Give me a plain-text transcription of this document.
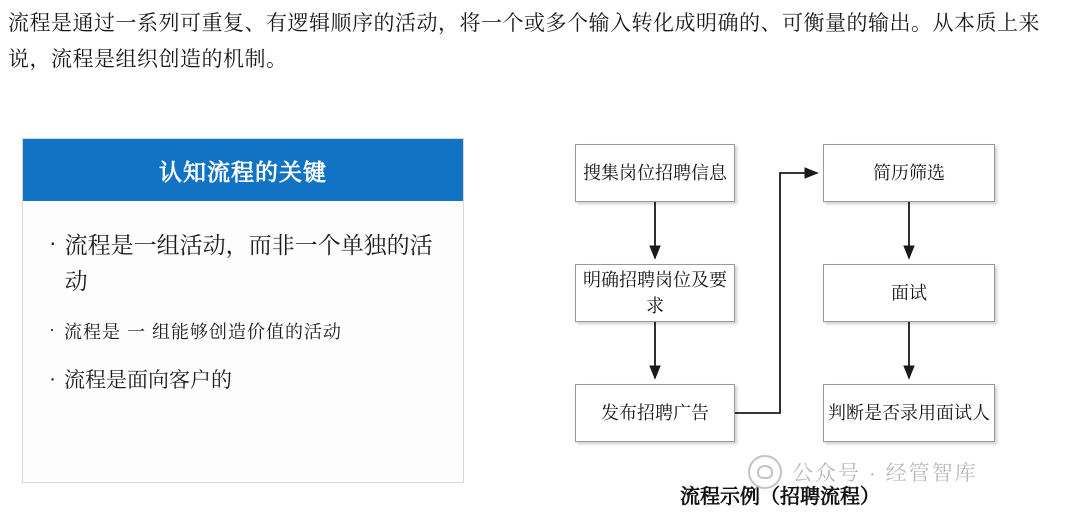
流程是通过一系列可重复、有逻辑顺序的活动，将一个或多个输入转化成明确的、可衡量的输出。从本质上来说，流程是组织创造的机制。
认知流程的关键
· 流程是一组活动，而非一个单独的活动
· 流程是 一 组能够创造价值的活动
· 流程是面向客户的
搜集岗位招聘信息
明确招聘岗位及要求
发布招聘广告
简历筛选
面试
判断是否录用面试人
流程示例（招聘流程）
公众号 · 经管智库
